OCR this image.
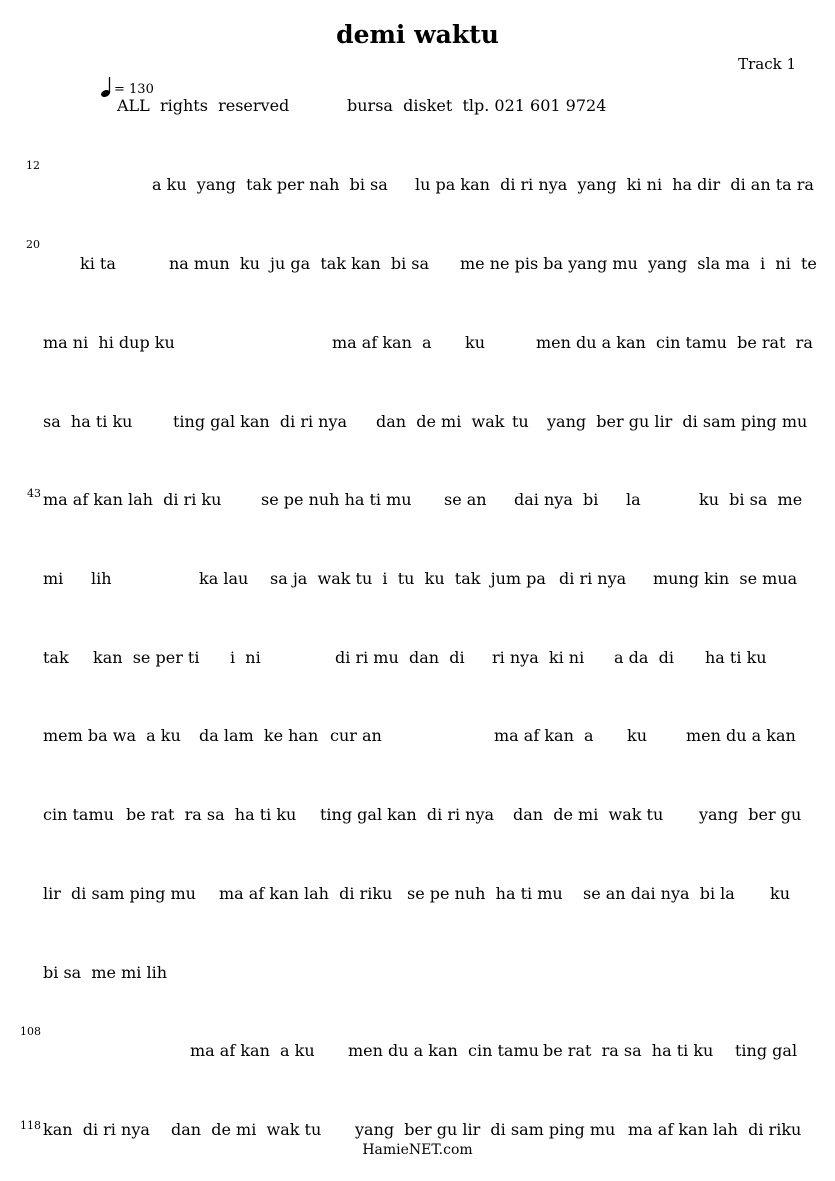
demi waktu
Track 1
= 130
ALL  rights  reserved	bursa  disket  tlp. 021 601 9724
12
20
43
108
118
a ku  yang  tak per nah  bi sa lu pa kan  di ri nya  yang  ki ni  ha dir  di an ta ra
ki ta	na mun  ku  ju ga  tak kan  bi sa me ne pis ba yang mu  yang  sla ma  i  ni  te
ma ni  hi dup ku	ma af kan  a ku	men du a kan  cin tamu  be rat  ra
sa  ha ti ku	ting gal kan  di ri nya dan  de mi  wak tu yang  ber gu lir  di sam ping mu
ma af kan lah  di ri ku se pe nuh ha ti mu se an dai nya  bi la	ku  bi sa  me
mi lih	ka lau sa ja  wak tu  i  tu  ku  tak  jum pa di ri nya mung kin  se mua
tak kan  se per ti i  ni	di ri mu  dan  di ri nya  ki ni a da  di ha ti ku
mem ba wa  a ku da lam  ke han cur an	ma af kan  a ku men du a kan
cin tamu be rat  ra sa  ha ti ku ting gal kan  di ri nya dan  de mi  wak tu yang  ber gu
lir  di sam ping mu ma af kan lah  di riku se pe nuh  ha ti mu se an dai nya  bi la ku
bi sa  me mi lih
ma af kan  a ku men du a kan  cin tamu be rat  ra sa  ha ti ku ting gal
kan  di ri nya dan  de mi  wak tu yang  ber gu lir  di sam ping mu ma af kan lah  di riku
HamieNET.com
